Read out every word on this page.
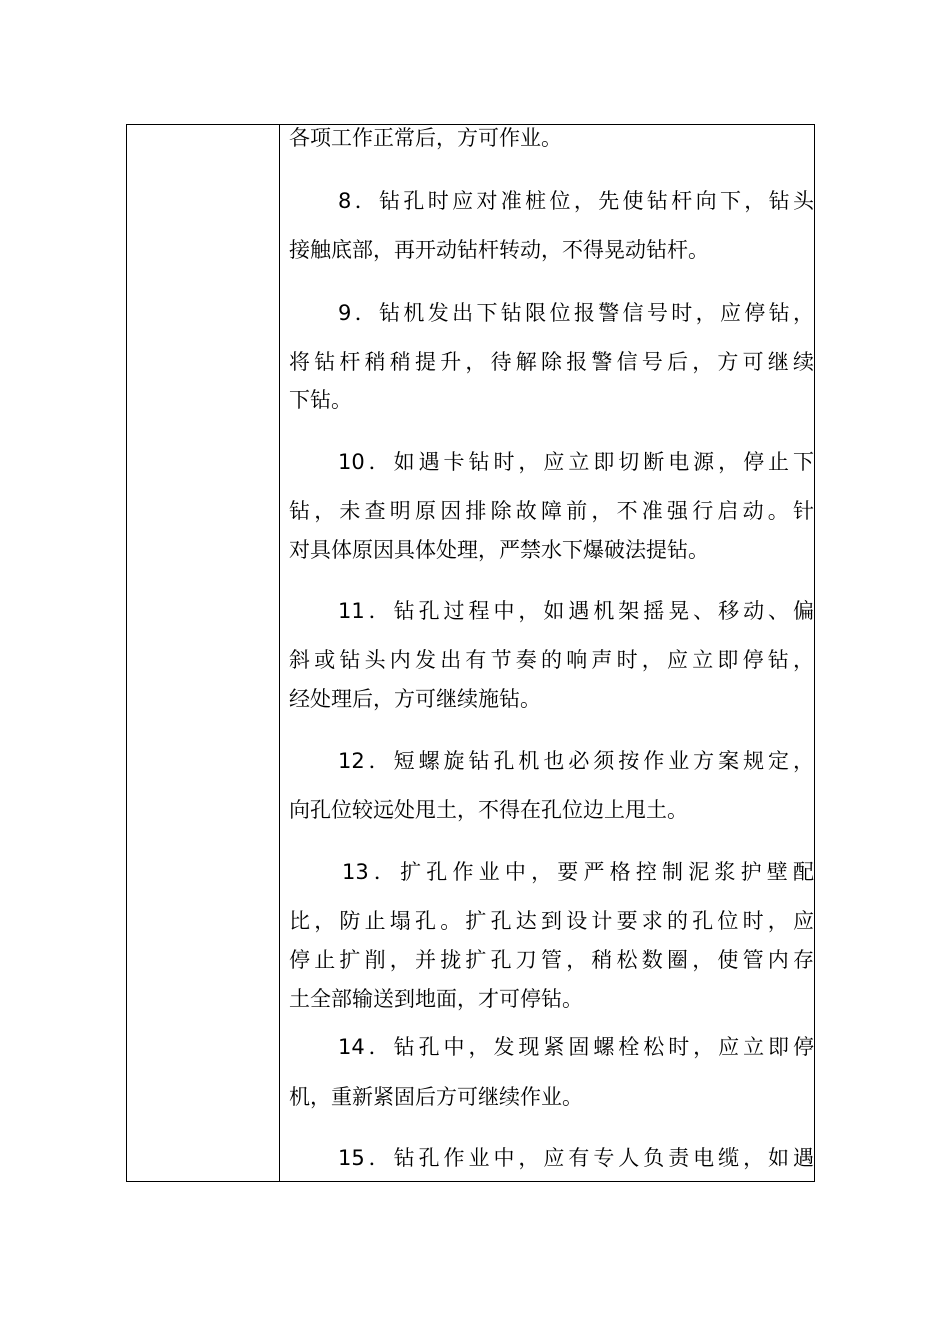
各项工作正常后，方可作业。
8．钻孔时应对准桩位，先使钻杆向下，钻头
接触底部，再开动钻杆转动，不得晃动钻杆。
9．钻机发出下钻限位报警信号时，应停钻，
将钻杆稍稍提升，待解除报警信号后，方可继续
下钻。
10．如遇卡钻时，应立即切断电源，停止下
钻，未查明原因排除故障前，不准强行启动。针
对具体原因具体处理，严禁水下爆破法提钻。
11．钻孔过程中，如遇机架摇晃、移动、偏
斜或钻头内发出有节奏的响声时，应立即停钻，
经处理后，方可继续施钻。
12．短螺旋钻孔机也必须按作业方案规定，
向孔位较远处甩土，不得在孔位边上甩土。
13．扩孔作业中，要严格控制泥浆护壁配
比，防止塌孔。扩孔达到设计要求的孔位时，应
停止扩削，并拢扩孔刀管，稍松数圈，使管内存
土全部输送到地面，才可停钻。
14．钻孔中，发现紧固螺栓松时，应立即停
机，重新紧固后方可继续作业。
15．钻孔作业中，应有专人负责电缆，如遇
